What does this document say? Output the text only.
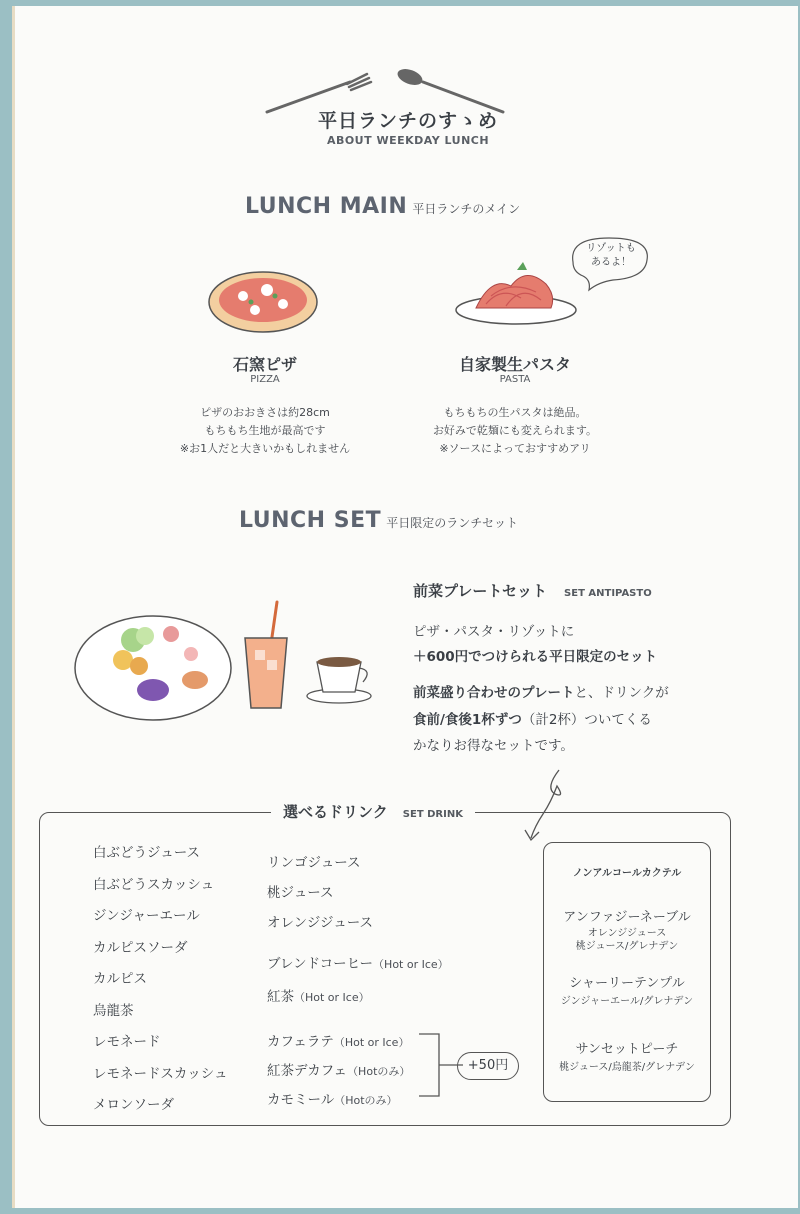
平日ランチのすゝめ
ABOUT WEEKDAY LUNCH
LUNCH MAIN 平日ランチのメイン
リゾットも
あるよ！
石窯ピザ
PIZZA
ピザのおおきさは約28cm
もちもち生地が最高です
※お1人だと大きいかもしれません
自家製生パスタ
PASTA
もちもちの生パスタは絶品。
お好みで乾麺にも変えられます。
※ソースによっておすすめアリ
LUNCH SET 平日限定のランチセット
前菜プレートセット SET ANTIPASTO
ピザ・パスタ・リゾットに
＋600円でつけられる平日限定のセット
前菜盛り合わせのプレートと、ドリンクが
食前/食後1杯ずつ（計2杯）ついてくる
かなりお得なセットです。
選べるドリンク SET DRINK
白ぶどうジュース
白ぶどうスカッシュ
ジンジャーエール
カルピスソーダ
カルピス
烏龍茶
レモネード
レモネードスカッシュ
メロンソーダ
リンゴジュース
桃ジュース
オレンジジュース
ブレンドコーヒー（Hot or Ice）
紅茶（Hot or Ice）
カフェラテ（Hot or Ice）
紅茶デカフェ（Hotのみ）
カモミール（Hotのみ）
+50円
ノンアルコールカクテル
アンファジーネーブル
オレンジジュース
桃ジュース/グレナデン
シャーリーテンプル
ジンジャーエール/グレナデン
サンセットピーチ
桃ジュース/烏龍茶/グレナデン
